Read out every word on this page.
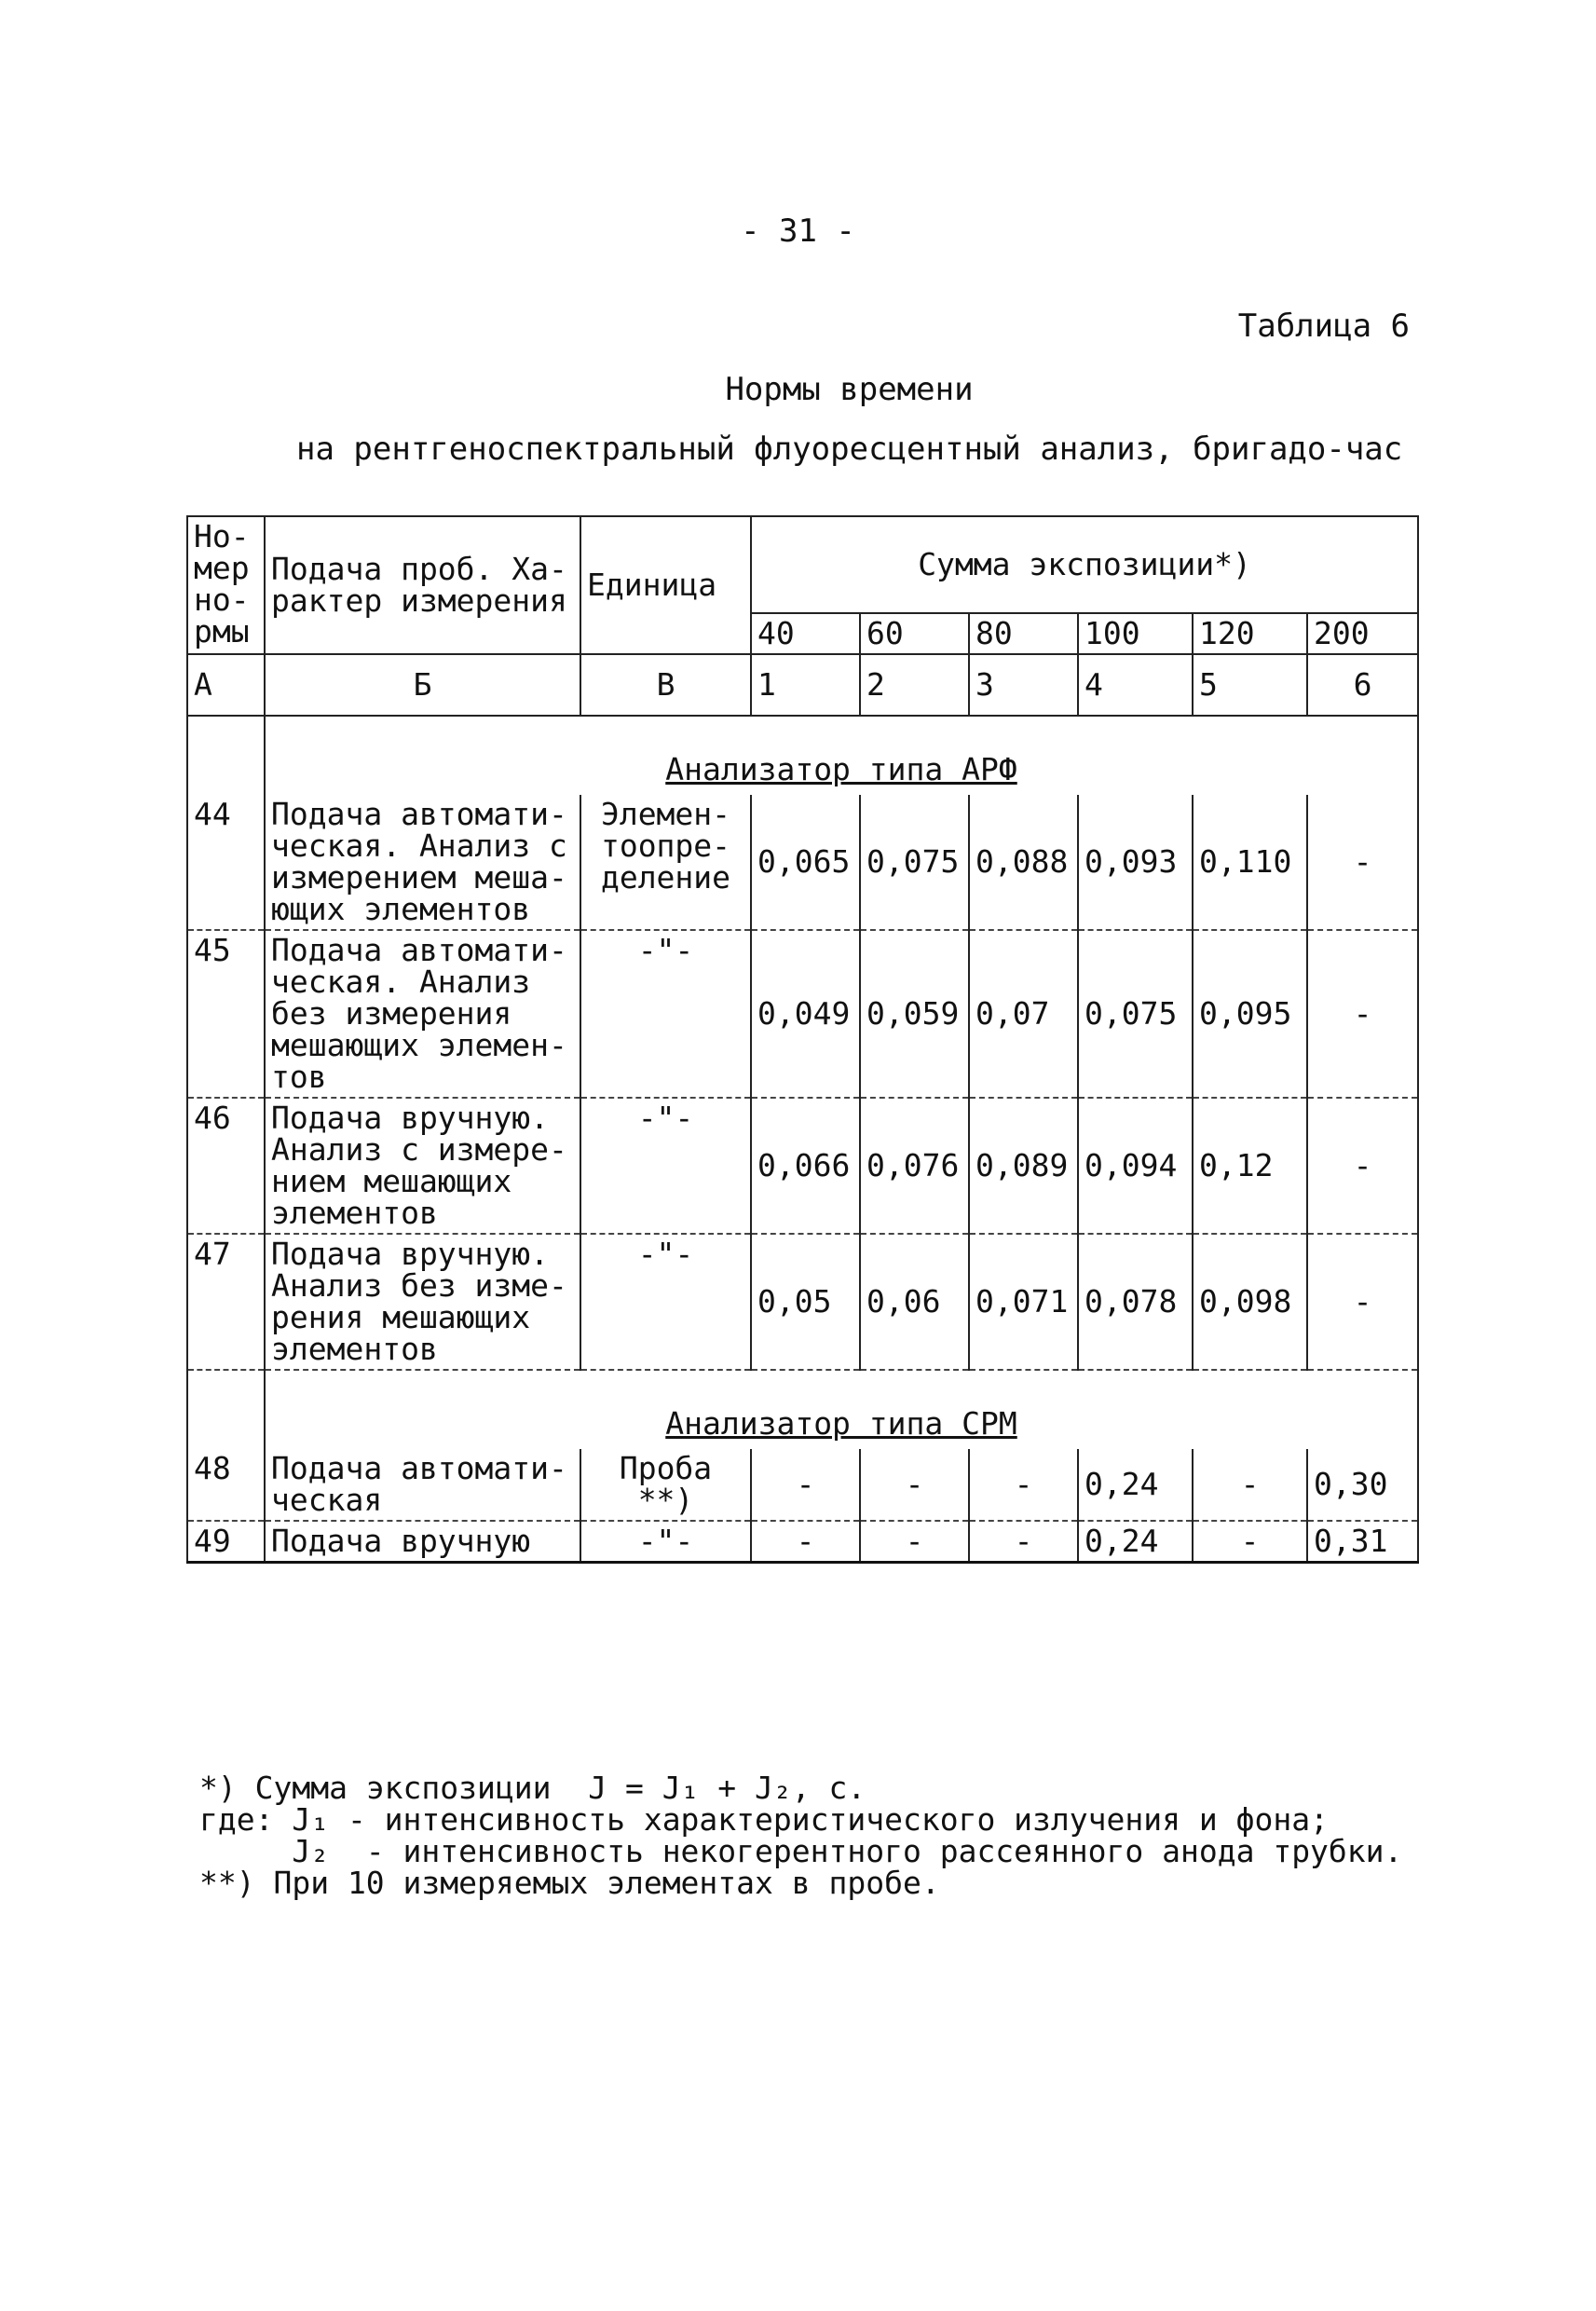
- 31 -
Таблица 6
Нормы времени
на рентгеноспектральный флуоресцентный анализ, бригадо-час
Но-мер но-рмы	Подача проб. Ха-рактер измерения	Единица	Сумма экспозиции*)					
			40	60	80	100	120	200
А	Б	В	1	2	3	4	5	6
	Анализатор типа АРФ							
44	Подача автомати-ческая. Анализ с измерением меша-ющих элементов	Элемен-тоопре-деление	0,065	0,075	0,088	0,093	0,110	-
45	Подача автомати-ческая. Анализ без измерения мешающих элемен-тов	-"-	0,049	0,059	0,07	0,075	0,095	-
46	Подача вручную. Анализ с измере-нием мешающих элементов	-"-	0,066	0,076	0,089	0,094	0,12	-
47	Подача вручную. Анализ без изме-рения мешающих элементов	-"-	0,05	0,06	0,071	0,078	0,098	-
	Анализатор типа СРМ							
48	Подача автомати-ческая	Проба **)	-	-	-	0,24	-	0,30
49	Подача вручную	-"-	-	-	-	0,24	-	0,31
*) Сумма экспозиции  J = J₁ + J₂, с.
где: J₁ - интенсивность характеристического излучения и фона;
J₂  - интенсивность некогерентного рассеянного анода трубки.
**) При 10 измеряемых элементах в пробе.
